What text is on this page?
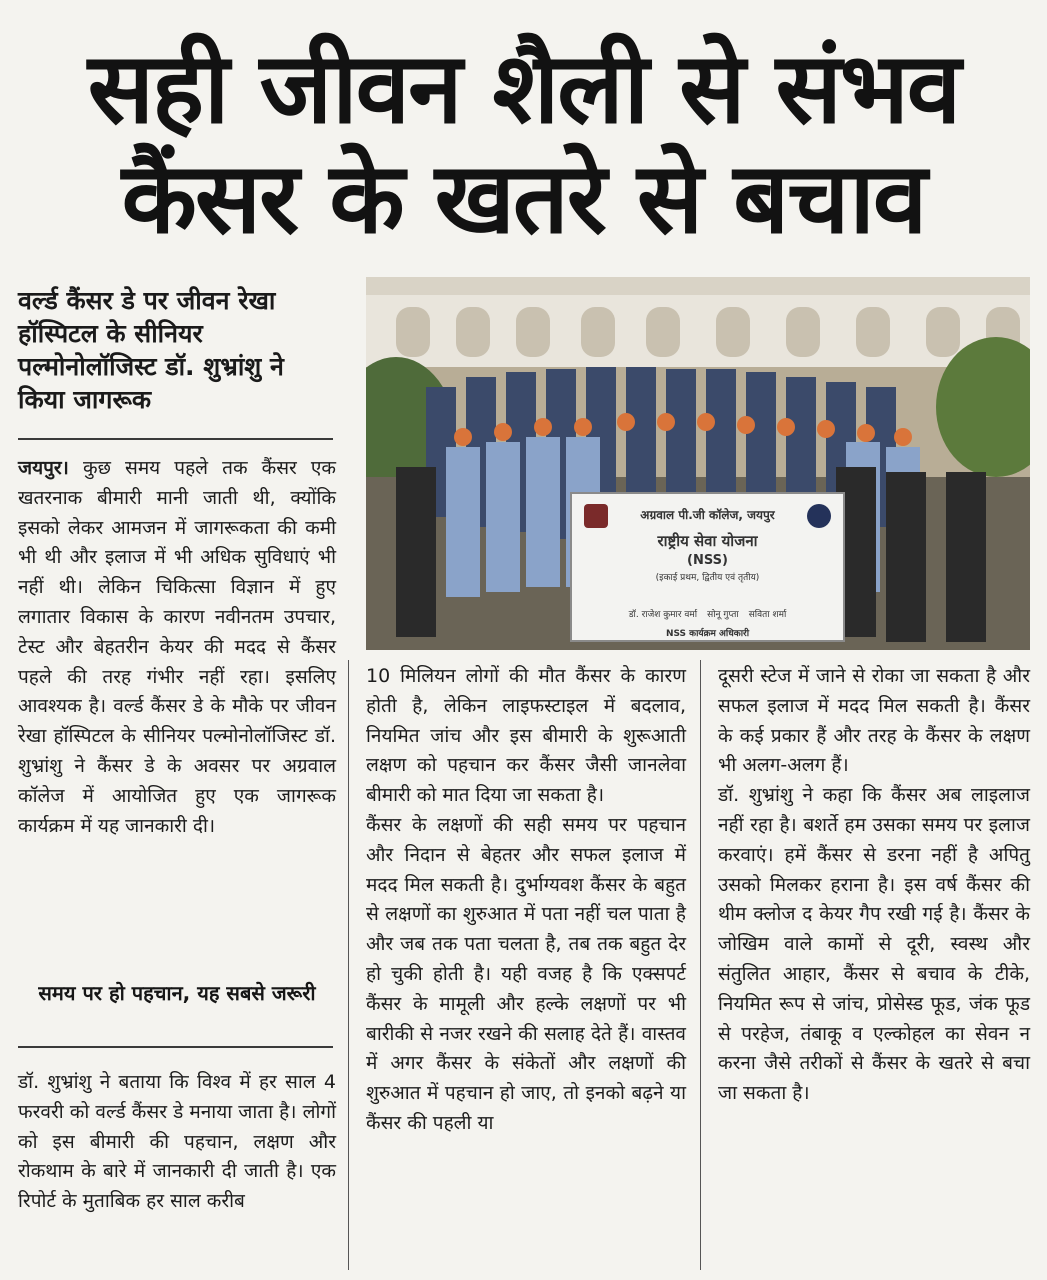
सही जीवन शैली से संभव
कैंसर के खतरे से बचाव
वर्ल्ड कैंसर डे पर जीवन रेखा हॉस्पिटल के सीनियर पल्मोनोलॉजिस्ट डॉ. शुभ्रांशु ने किया जागरूक

जयपुर। कुछ समय पहले तक कैंसर एक खतरनाक बीमारी मानी जाती थी, क्योंकि इसको लेकर आमजन में जागरूकता की कमी भी थी और इलाज में भी अधिक सुविधाएं भी नहीं थी। लेकिन चिकित्सा विज्ञान में हुए लगातार विकास के कारण नवीनतम उपचार, टेस्ट और बेहतरीन केयर की मदद से कैंसर पहले की तरह गंभीर नहीं रहा। इसलिए आवश्यक है। वर्ल्ड कैंसर डे के मौके पर जीवन रेखा हॉस्पिटल के सीनियर पल्मोनोलॉजिस्ट डॉ. शुभ्रांशु ने कैंसर डे के अवसर पर अग्रवाल कॉलेज में आयोजित हुए एक जागरूक कार्यक्रम में यह जानकारी दी।

समय पर हो पहचान, यह सबसे जरूरी

डॉ. शुभ्रांशु ने बताया कि विश्व में हर साल 4 फरवरी को वर्ल्ड कैंसर डे मनाया जाता है। लोगों को इस बीमारी की पहचान, लक्षण और रोकथाम के बारे में जानकारी दी जाती है। एक रिपोर्ट के मुताबिक हर साल करीब

अग्रवाल पी.जी कॉलेज, जयपुर
राष्ट्रीय सेवा योजना
(NSS)
(इकाई प्रथम, द्वितीय एवं तृतीय)
डॉ. राजेश कुमार वर्मा सोनू गुप्ता सविता शर्मा
NSS कार्यक्रम अधिकारी

10 मिलियन लोगों की मौत कैंसर के कारण होती है, लेकिन लाइफस्टाइल में बदलाव, नियमित जांच और इस बीमारी के शुरूआती लक्षण को पहचान कर कैंसर जैसी जानलेवा बीमारी को मात दिया जा सकता है।

कैंसर के लक्षणों की सही समय पर पहचान और निदान से बेहतर और सफल इलाज में मदद मिल सकती है। दुर्भाग्यवश कैंसर के बहुत से लक्षणों का शुरुआत में पता नहीं चल पाता है और जब तक पता चलता है, तब तक बहुत देर हो चुकी होती है। यही वजह है कि एक्सपर्ट कैंसर के मामूली और हल्के लक्षणों पर भी बारीकी से नजर रखने की सलाह देते हैं। वास्तव में अगर कैंसर के संकेतों और लक्षणों की शुरुआत में पहचान हो जाए, तो इनको बढ़ने या कैंसर की पहली या

दूसरी स्टेज में जाने से रोका जा सकता है और सफल इलाज में मदद मिल सकती है। कैंसर के कई प्रकार हैं और तरह के कैंसर के लक्षण भी अलग-अलग हैं।

डॉ. शुभ्रांशु ने कहा कि कैंसर अब लाइलाज नहीं रहा है। बशर्ते हम उसका समय पर इलाज करवाएं। हमें कैंसर से डरना नहीं है अपितु उसको मिलकर हराना है। इस वर्ष कैंसर की थीम क्लोज द केयर गैप रखी गई है। कैंसर के जोखिम वाले कामों से दूरी, स्वस्थ और संतुलित आहार, कैंसर से बचाव के टीके, नियमित रूप से जांच, प्रोसेस्ड फूड, जंक फूड से परहेज, तंबाकू व एल्कोहल का सेवन न करना जैसे तरीकों से कैंसर के खतरे से बचा जा सकता है।
